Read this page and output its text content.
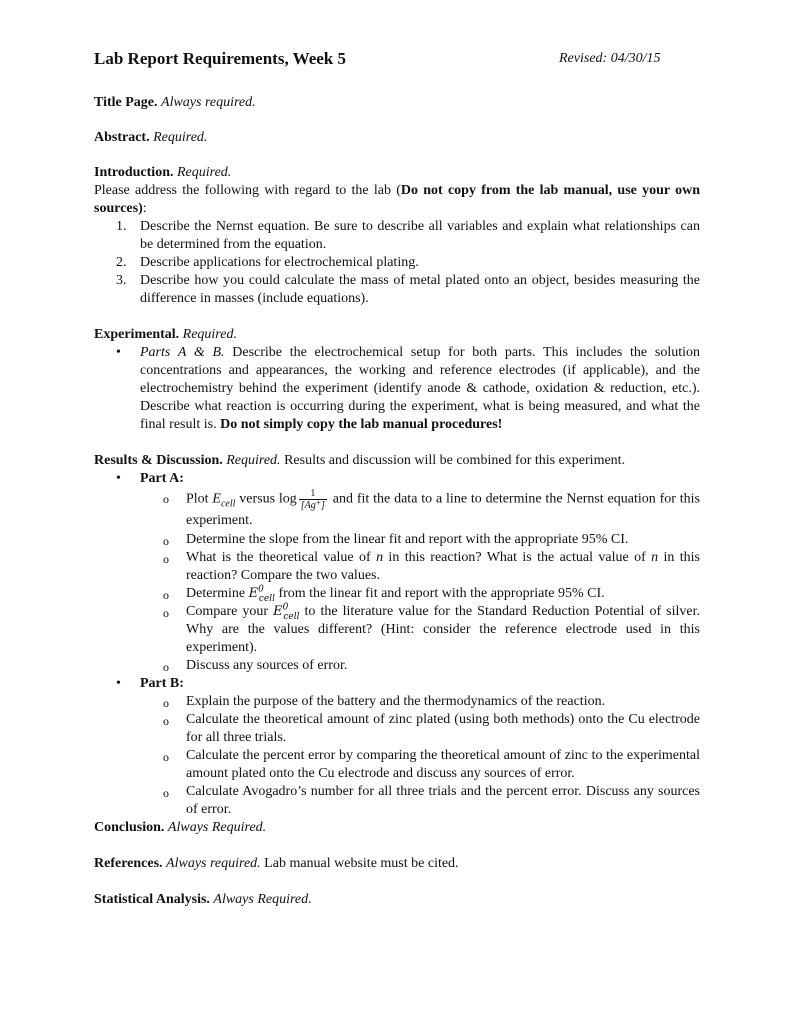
Lab Report Requirements, Week 5	Revised: 04/30/15

Title Page. Always required.

Abstract. Required.

Introduction. Required.

Please address the following with regard to the lab (Do not copy from the lab manual, use your own sources):

1. Describe the Nernst equation. Be sure to describe all variables and explain what relationships can be determined from the equation.
2. Describe applications for electrochemical plating.
3. Describe how you could calculate the mass of metal plated onto an object, besides measuring the difference in masses (include equations).

Experimental. Required.

• Parts A & B. Describe the electrochemical setup for both parts. This includes the solution concentrations and appearances, the working and reference electrodes (if applicable), and the electrochemistry behind the experiment (identify anode & cathode, oxidation & reduction, etc.). Describe what reaction is occurring during the experiment, what is being measured, and what the final result is. Do not simply copy the lab manual procedures!

Results & Discussion. Required. Results and discussion will be combined for this experiment.

• Part A:
o Plot $E_{cell}$ versus $\log \frac{1}{[Ag^+]}$ and fit the data to a line to determine the Nernst equation for this experiment.
o Determine the slope from the linear fit and report with the appropriate 95% CI.
o What is the theoretical value of n in this reaction? What is the actual value of n in this reaction? Compare the two values.
o Determine $E^0_{cell}$ from the linear fit and report with the appropriate 95% CI.
o Compare your $E^0_{cell}$ to the literature value for the Standard Reduction Potential of silver. Why are the values different? (Hint: consider the reference electrode used in this experiment).
o Discuss any sources of error.
• Part B:
o Explain the purpose of the battery and the thermodynamics of the reaction.
o Calculate the theoretical amount of zinc plated (using both methods) onto the Cu electrode for all three trials.
o Calculate the percent error by comparing the theoretical amount of zinc to the experimental amount plated onto the Cu electrode and discuss any sources of error.
o Calculate Avogadro’s number for all three trials and the percent error. Discuss any sources of error.

Conclusion. Always Required.

References. Always required. Lab manual website must be cited.

Statistical Analysis. Always Required.
